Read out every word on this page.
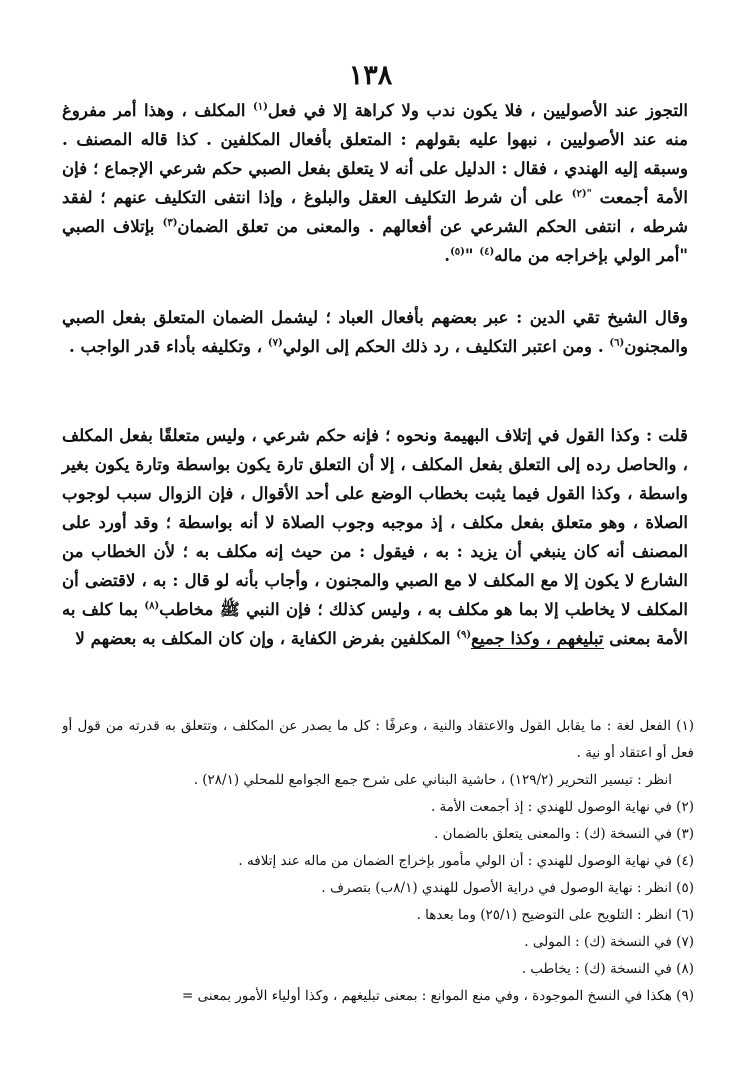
١٣٨

التجوز عند الأصوليين ، فلا يكون ندب ولا كراهة إلا في فعل$^{(١)}$ المكلف ، وهذا أمر مفروغ منه عند الأصوليين ، نبهوا عليه بقولهم : المتعلق بأفعال المكلفين . كذا قاله المصنف . وسبقه إليه الهندي ، فقال : الدليل على أنه لا يتعلق بفعل الصبي حكم شرعي الإجماع ؛ فإن الأمة أجمعت $^{"(٢)}$ على أن شرط التكليف العقل والبلوغ ، وإذا انتفى التكليف عنهم ؛ لفقد شرطه ، انتفى الحكم الشرعي عن أفعالهم . والمعنى من تعلق الضمان$^{(٣)}$ بإتلاف الصبي "أمر الولي بإخراجه من ماله$^{(٤)}$ "$^{(٥)}$.

وقال الشيخ تقي الدين : عبر بعضهم بأفعال العباد ؛ ليشمل الضمان المتعلق بفعل الصبي والمجنون$^{(٦)}$ . ومن اعتبر التكليف ، رد ذلك الحكم إلى الولي$^{(٧)}$ ، وتكليفه بأداء قدر الواجب .

قلت : وكذا القول في إتلاف البهيمة ونحوه ؛ فإنه حكم شرعي ، وليس متعلقًا بفعل المكلف ، والحاصل رده إلى التعلق بفعل المكلف ، إلا أن التعلق تارة يكون بواسطة وتارة يكون بغير واسطة ، وكذا القول فيما يثبت بخطاب الوضع على أحد الأقوال ، فإن الزوال سبب لوجوب الصلاة ، وهو متعلق بفعل مكلف ، إذ موجبه وجوب الصلاة لا أنه بواسطة ؛ وقد أورد على المصنف أنه كان ينبغي أن يزيد : به ، فيقول : من حيث إنه مكلف به ؛ لأن الخطاب من الشارع لا يكون إلا مع المكلف لا مع الصبي والمجنون ، وأجاب بأنه لو قال : به ، لاقتضى أن المكلف لا يخاطب إلا بما هو مكلف به ، وليس كذلك ؛ فإن النبي ﷺ مخاطب$^{(٨)}$ بما كلف به الأمة بمعنى تبليغهم ، وكذا جميع$^{(٩)}$ المكلفين بفرض الكفاية ، وإن كان المكلف به بعضهم لا

(١) الفعل لغة : ما يقابل القول والاعتقاد والنية ، وعرفًا : كل ما يصدر عن المكلف ، وتتعلق به قدرته من قول أو فعل أو اعتقاد أو نية .

انظر : تيسير التحرير (١٢٩/٢) ، حاشية البناني على شرح جمع الجوامع للمحلي (٢٨/١) .

(٢) في نهاية الوصول للهندي : إذ أجمعت الأمة .

(٣) في النسخة (ك) : والمعنى يتعلق بالضمان .

(٤) في نهاية الوصول للهندي : أن الولي مأمور بإخراج الضمان من ماله عند إتلافه .

(٥) انظر : نهاية الوصول في دراية الأصول للهندي (٨/١ب) بتصرف .

(٦) انظر : التلويح على التوضيح (٢٥/١) وما بعدها .

(٧) في النسخة (ك) : المولى .

(٨) في النسخة (ك) : يخاطب .

(٩) هكذا في النسخ الموجودة ، وفي منع الموانع : بمعنى تبليغهم ، وكذا أولياء الأمور بمعنى =
